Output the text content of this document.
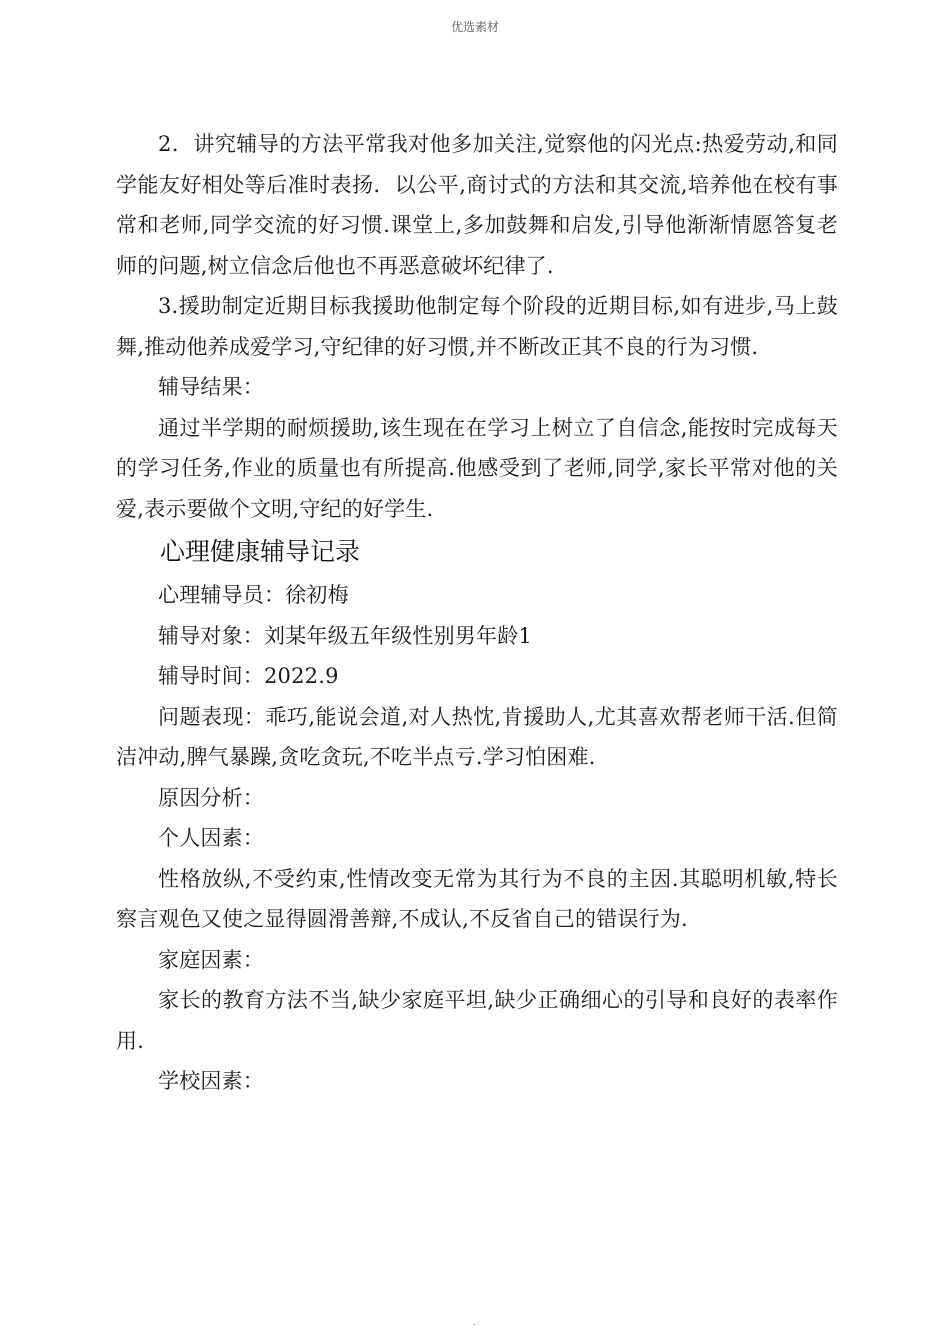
优选素材

2．讲究辅导的方法平常我对他多加关注,觉察他的闪光点:热爱劳动,和同学能友好相处等后准时表扬．以公平,商讨式的方法和其交流,培养他在校有事常和老师,同学交流的好习惯.课堂上,多加鼓舞和启发,引导他渐渐情愿答复老师的问题,树立信念后他也不再恶意破坏纪律了.

3.援助制定近期目标我援助他制定每个阶段的近期目标,如有进步,马上鼓舞,推动他养成爱学习,守纪律的好习惯,并不断改正其不良的行为习惯.

辅导结果：

通过半学期的耐烦援助,该生现在在学习上树立了自信念,能按时完成每天的学习任务,作业的质量也有所提高.他感受到了老师,同学,家长平常对他的关爱,表示要做个文明,守纪的好学生.

心理健康辅导记录

心理辅导员：徐初梅

辅导对象：刘某年级五年级性别男年龄1

辅导时间：2022.9

问题表现：乖巧,能说会道,对人热忱,肯援助人,尤其喜欢帮老师干活.但简洁冲动,脾气暴躁,贪吃贪玩,不吃半点亏.学习怕困难.

原因分析：

个人因素：

性格放纵,不受约束,性情改变无常为其行为不良的主因.其聪明机敏,特长察言观色又使之显得圆滑善辩,不成认,不反省自己的错误行为.

家庭因素：

家长的教育方法不当,缺少家庭平坦,缺少正确细心的引导和良好的表率作用.

学校因素：

.
